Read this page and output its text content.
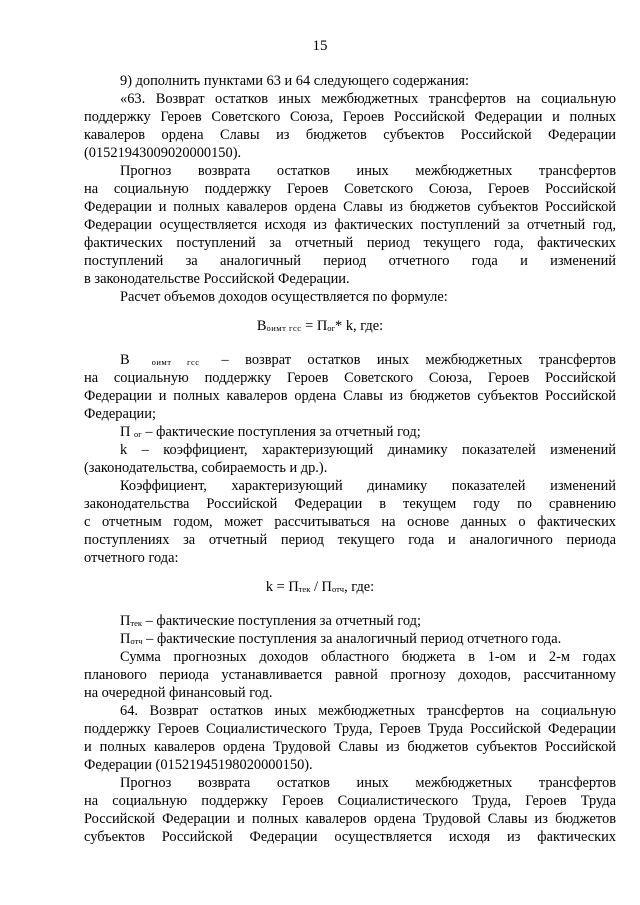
15
9) дополнить пунктами 63 и 64 следующего содержания:
«63. Возврат остатков иных межбюджетных трансфертов на социальную
поддержку Героев Советского Союза, Героев Российской Федерации и полных
кавалеров ордена Славы из бюджетов субъектов Российской Федерации
(01521943009020000150).
Прогноз возврата остатков иных межбюджетных трансфертов
на социальную поддержку Героев Советского Союза, Героев Российской
Федерации и полных кавалеров ордена Славы из бюджетов субъектов Российской
Федерации осуществляется исходя из фактических поступлений за отчетный год,
фактических поступлений за отчетный период текущего года, фактических
поступлений за аналогичный период отчетного года и изменений
в законодательстве Российской Федерации.
Расчет объемов доходов осуществляется по формуле:
$В_{оимт гсс} = П_{ог}*$ k, где:
В	$_{оимт гсс}$ – возврат остатков иных межбюджетных трансфертов
на социальную поддержку Героев Советского Союза, Героев Российской
Федерации и полных кавалеров ордена Славы из бюджетов субъектов Российской
Федерации;
П $_{ог}$ – фактические поступления за отчетный год;
k – коэффициент, характеризующий динамику показателей изменений
(законодательства, собираемость и др.).
Коэффициент, характеризующий динамику показателей изменений
законодательства Российской Федерации в текущем году по сравнению
с отчетным годом, может рассчитываться на основе данных о фактических
поступлениях за отчетный период текущего года и аналогичного периода
отчетного года:
$k = П_{тек} / П_{отч}$, где:
$П_{тек}$ – фактические поступления за отчетный год;
$П_{отч}$ – фактические поступления за аналогичный период отчетного года.
Сумма прогнозных доходов областного бюджета в 1-ом и 2-м годах
планового периода устанавливается равной прогнозу доходов, рассчитанному
на очередной финансовый год.
64. Возврат остатков иных межбюджетных трансфертов на социальную
поддержку Героев Социалистического Труда, Героев Труда Российской Федерации
и полных кавалеров ордена Трудовой Славы из бюджетов субъектов Российской
Федерации (01521945198020000150).
Прогноз возврата остатков иных межбюджетных трансфертов
на социальную поддержку Героев Социалистического Труда, Героев Труда
Российской Федерации и полных кавалеров ордена Трудовой Славы из бюджетов
субъектов Российской Федерации осуществляется исходя из фактических
